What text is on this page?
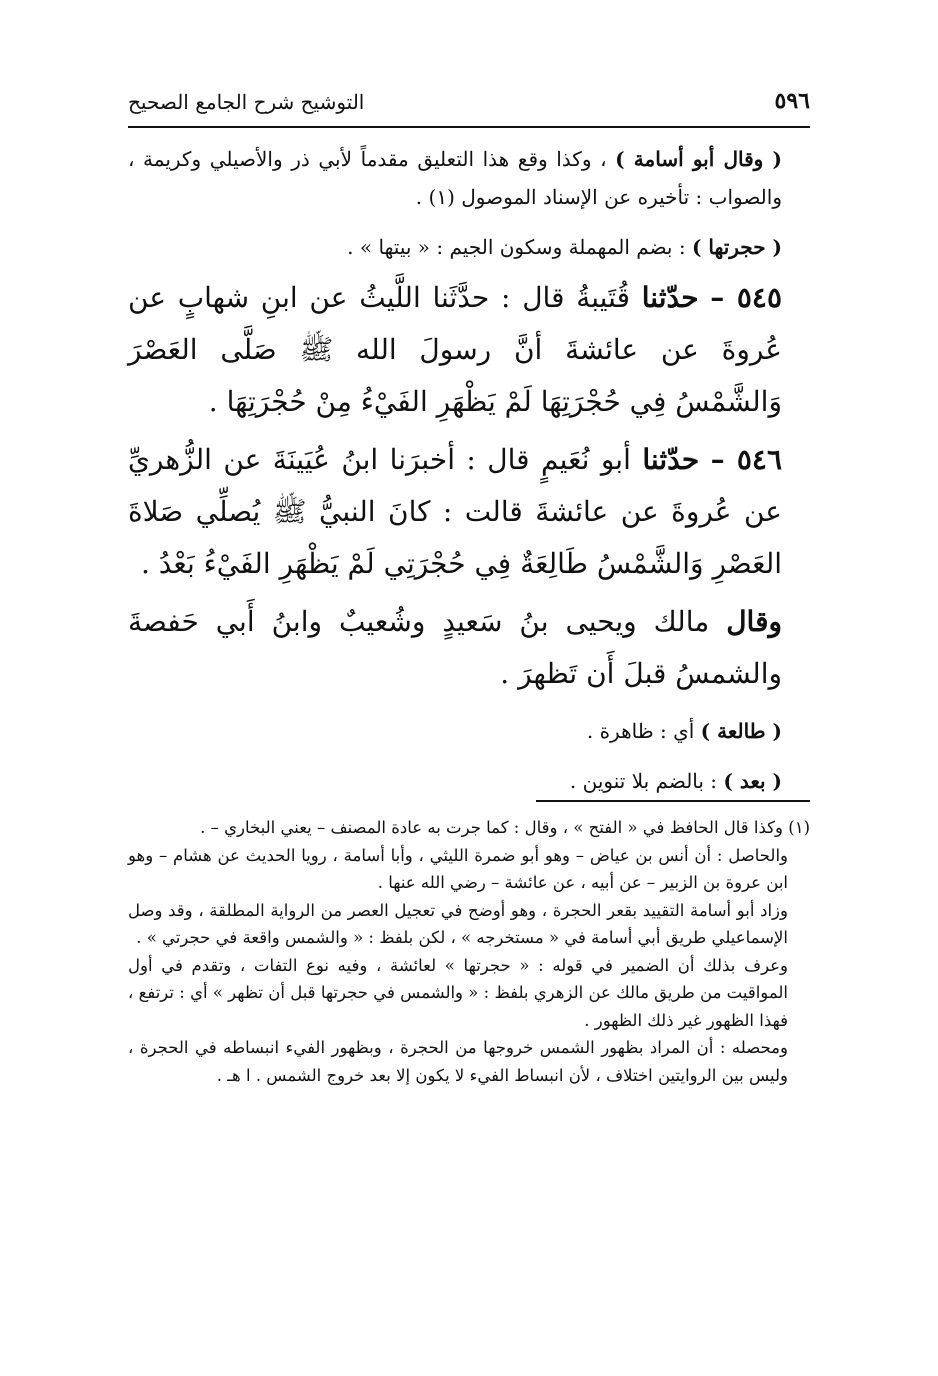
٥٩٦
التوشيح شرح الجامع الصحيح

( وقال أبو أسامة ) ، وكذا وقع هذا التعليق مقدماً لأبي ذر والأصيلي وكريمة ، والصواب : تأخيره عن الإسناد الموصول (١) .

( حجرتها ) : بضم المهملة وسكون الجيم : « بيتها » .

٥٤٥ – حدّثنا قُتَيبةُ قال : حدَّثَنا اللَّيثُ عن ابنِ شهابٍ عن عُروةَ عن عائشةَ أنَّ رسولَ الله ﷺ صَلَّى العَصْرَ وَالشَّمْسُ فِي حُجْرَتِهَا لَمْ يَظْهَرِ الفَيْءُ مِنْ حُجْرَتِهَا .

٥٤٦ – حدّثنا أبو نُعَيمٍ قال : أخبرَنا ابنُ عُيَينَةَ عن الزُّهريِّ عن عُروةَ عن عائشةَ قالت : كانَ النبيُّ ﷺ يُصلِّي صَلاةَ العَصْرِ وَالشَّمْسُ طَالِعَةٌ فِي حُجْرَتِي لَمْ يَظْهَرِ الفَيْءُ بَعْدُ .

وقال مالك ويحيى بنُ سَعيدٍ وشُعيبٌ وابنُ أَبي حَفصةَ والشمسُ قبلَ أَن تَظهرَ .

( طالعة ) أي : ظاهرة .

( بعد ) : بالضم بلا تنوين .

(١) وكذا قال الحافظ في « الفتح » ، وقال : كما جرت به عادة المصنف – يعني البخاري – .

والحاصل : أن أنس بن عياض – وهو أبو ضمرة الليثي ، وأبا أسامة ، رويا الحديث عن هشام – وهو ابن عروة بن الزبير – عن أبيه ، عن عائشة – رضي الله عنها .

وزاد أبو أسامة التقييد بقعر الحجرة ، وهو أوضح في تعجيل العصر من الرواية المطلقة ، وقد وصل الإسماعيلي طريق أبي أسامة في « مستخرجه » ، لكن بلفظ : « والشمس واقعة في حجرتي » .

وعرف بذلك أن الضمير في قوله : « حجرتها » لعائشة ، وفيه نوع التفات ، وتقدم في أول المواقيت من طريق مالك عن الزهري بلفظ : « والشمس في حجرتها قبل أن تظهر » أي : ترتفع ، فهذا الظهور غير ذلك الظهور .

ومحصله : أن المراد بظهور الشمس خروجها من الحجرة ، وبظهور الفيء انبساطه في الحجرة ، وليس بين الروايتين اختلاف ، لأن انبساط الفيء لا يكون إلا بعد خروج الشمس . ا هـ .
